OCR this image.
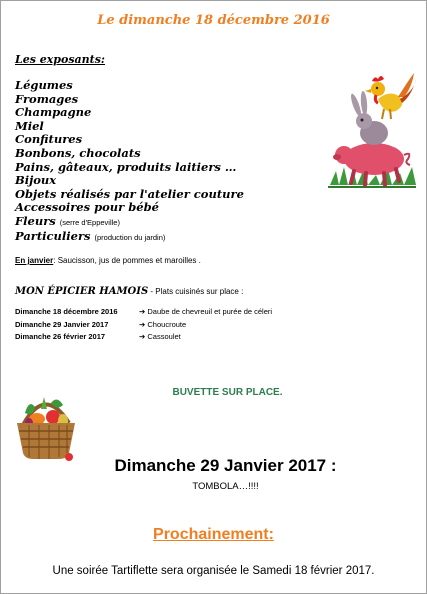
Le dimanche 18 décembre 2016
Les exposants:
Légumes
Fromages
Champagne
Miel
Confitures
Bonbons, chocolats
Pains, gâteaux, produits laitiers …
Bijoux
Objets réalisés par l'atelier couture
Accessoires pour bébé
Fleurs (serre d'Eppeville)
Particuliers (production du jardin)
En janvier: Saucisson, jus de pommes et maroilles .
MON ÉPICIER HAMOIS - Plats cuisinés sur place :
Dimanche 18 décembre 2016	➔ Daube de chevreuil et purée de céleri
Dimanche 29 Janvier 2017	➔ Choucroute
Dimanche 26 février 2017	➔ Cassoulet
BUVETTE SUR PLACE.
Dimanche 29 Janvier 2017 :
TOMBOLA…!!!!
Prochainement:
Une soirée Tartiflette sera organisée le Samedi 18 février 2017.
